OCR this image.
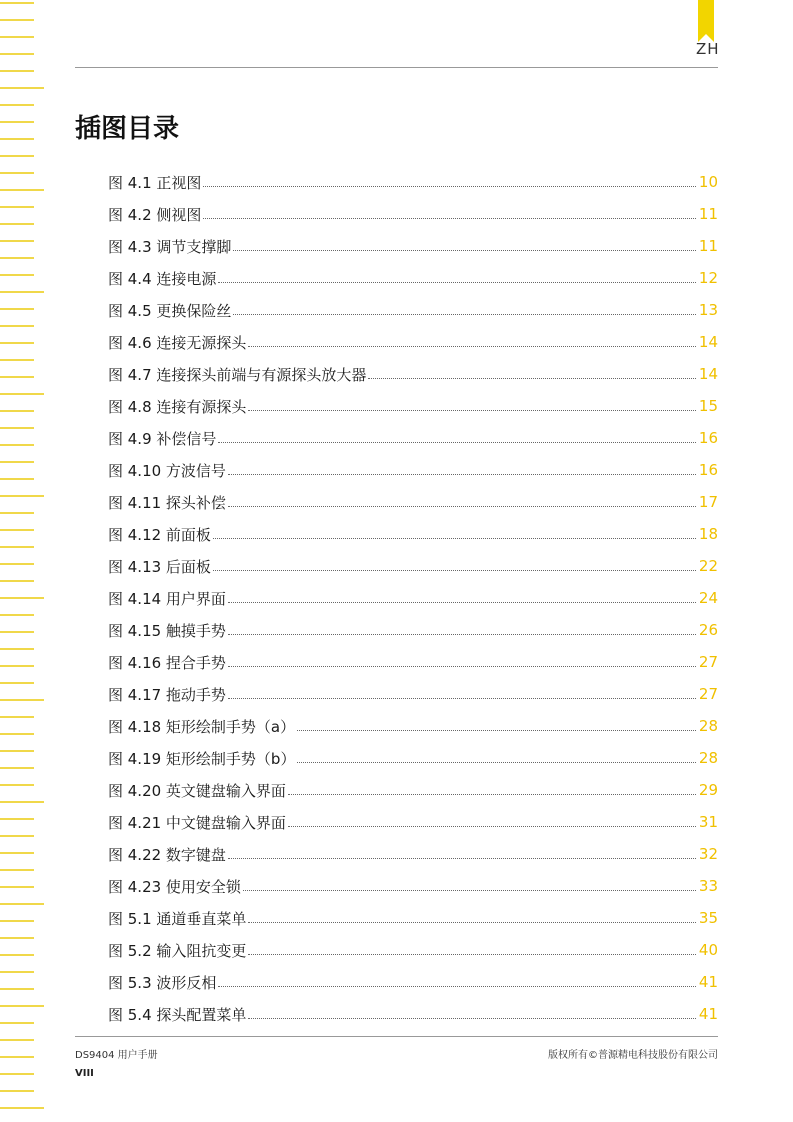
ZH
插图目录
图 4.1 正视图	10
图 4.2 侧视图	11
图 4.3 调节支撑脚	11
图 4.4 连接电源	12
图 4.5 更换保险丝	13
图 4.6 连接无源探头	14
图 4.7 连接探头前端与有源探头放大器	14
图 4.8 连接有源探头	15
图 4.9 补偿信号	16
图 4.10 方波信号	16
图 4.11 探头补偿	17
图 4.12 前面板	18
图 4.13 后面板	22
图 4.14 用户界面	24
图 4.15 触摸手势	26
图 4.16 捏合手势	27
图 4.17 拖动手势	27
图 4.18 矩形绘制手势（a）	28
图 4.19 矩形绘制手势（b）	28
图 4.20 英文键盘输入界面	29
图 4.21 中文键盘输入界面	31
图 4.22 数字键盘	32
图 4.23 使用安全锁	33
图 5.1 通道垂直菜单	35
图 5.2 输入阻抗变更	40
图 5.3 波形反相	41
图 5.4 探头配置菜单	41
DS9404 用户手册	版权所有©普源精电科技股份有限公司
VIII
